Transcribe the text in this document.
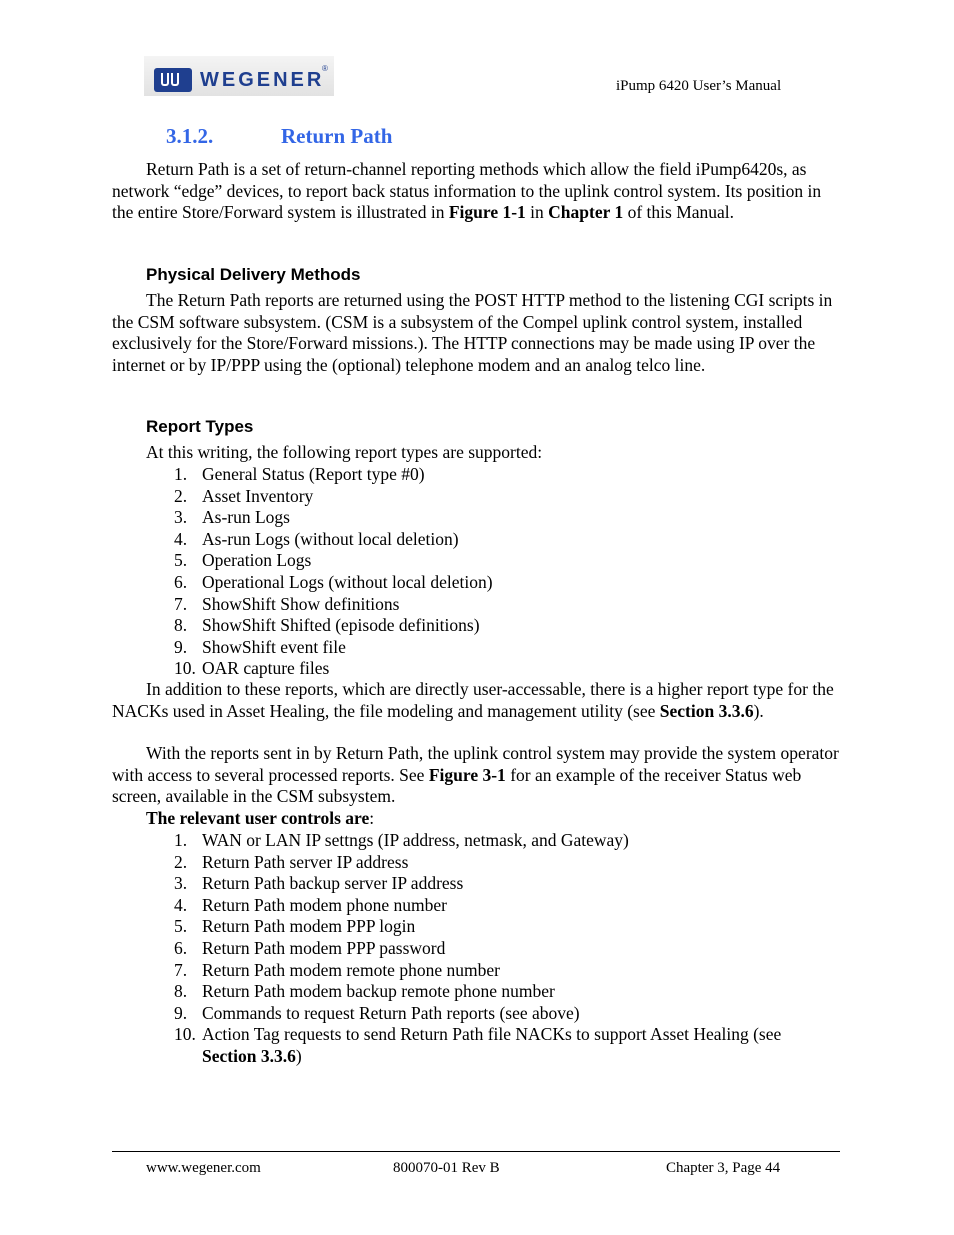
WEGENER
®
iPump 6420 User’s Manual
3.1.2.	Return Path
Return Path is a set of return-channel reporting methods which allow the field iPump6420s, as network “edge” devices, to report back status information to the uplink control system. Its position in the entire Store/Forward system is illustrated in Figure 1-1 in Chapter 1 of this Manual.
Physical Delivery Methods
The Return Path reports are returned using the POST HTTP method to the listening CGI scripts in the CSM software subsystem. (CSM is a subsystem of the Compel uplink control system, installed exclusively for the Store/Forward missions.). The HTTP connections may be made using IP over the internet or by IP/PPP using the (optional) telephone modem and an analog telco line.
Report Types
At this writing, the following report types are supported:
1. General Status (Report type #0)
2. Asset Inventory
3. As-run Logs
4. As-run Logs (without local deletion)
5. Operation Logs
6. Operational Logs (without local deletion)
7. ShowShift Show definitions
8. ShowShift Shifted (episode definitions)
9. ShowShift event file
10. OAR capture files
In addition to these reports, which are directly user-accessable, there is a higher report type for the NACKs used in Asset Healing, the file modeling and management utility (see Section 3.3.6).
With the reports sent in by Return Path, the uplink control system may provide the system operator with access to several processed reports. See Figure 3-1 for an example of the receiver Status web screen, available in the CSM subsystem.
The relevant user controls are:
1. WAN or LAN IP settngs (IP address, netmask, and Gateway)
2. Return Path server IP address
3. Return Path backup server IP address
4. Return Path modem phone number
5. Return Path modem PPP login
6. Return Path modem PPP password
7. Return Path modem remote phone number
8. Return Path modem backup remote phone number
9. Commands to request Return Path reports (see above)
10. Action Tag requests to send Return Path file NACKs to support Asset Healing (see Section 3.3.6)
www.wegener.com	800070-01 Rev B	Chapter 3, Page 44
